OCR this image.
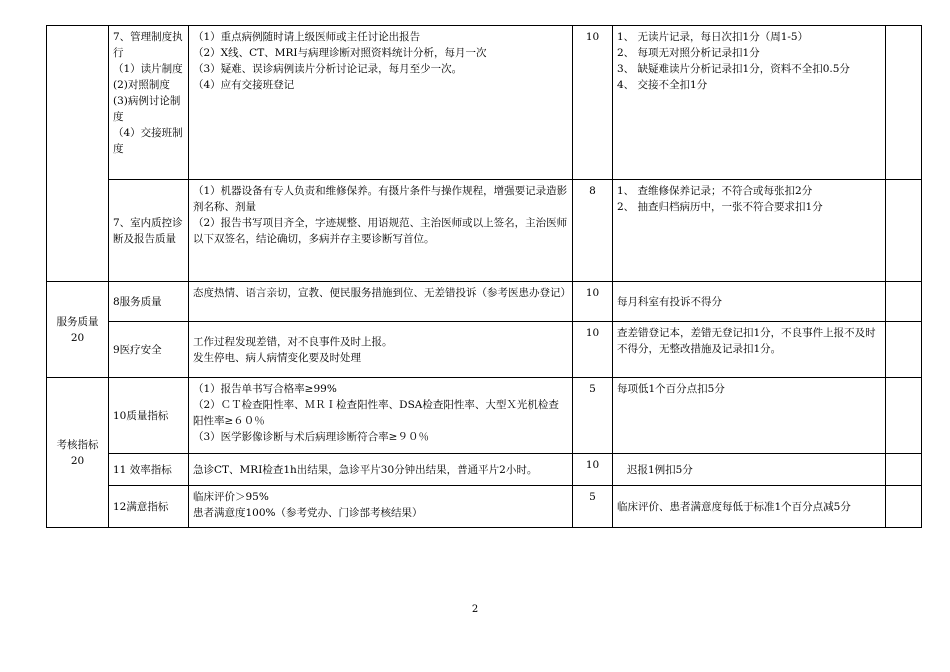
	7、管理制度执行
（1）读片制度
(2)对照制度
(3)病例讨论制度
（4）交接班制度	（1）重点病例随时请上级医师或主任讨论出报告
（2）X线、CT、MRI与病理诊断对照资料统计分析，每月一次
（3）疑难、误诊病例读片分析讨论记录，每月至少一次。
（4）应有交接班登记	10	1、 无读片记录，每日次扣1分（周1-5）
2、 每项无对照分析记录扣1分
3、 缺疑难读片分析记录扣1分，资料不全扣0.5分
4、 交接不全扣1分	

	7、室内质控诊断及报告质量	（1）机器设备有专人负责和维修保养。有摄片条件与操作规程，增强要记录造影剂名称、剂量
（2）报告书写项目齐全，字迹规整、用语规范、主治医师或以上签名，主治医师以下双签名，结论确切，多病并存主要诊断写首位。	8	1、 查维修保养记录；不符合或每张扣2分
2、 抽查归档病历中，一张不符合要求扣1分	

服务质量
20	8服务质量	态度热情、语言亲切，宣教、便民服务措施到位、无差错投诉（参考医患办登记）	10	每月科室有投诉不得分	
	9医疗安全	工作过程发现差错，对不良事件及时上报。
发生停电、病人病情变化要及时处理	10	查差错登记本，差错无登记扣1分，不良事件上报不及时不得分，无整改措施及记录扣1分。	

考核指标
20	10质量指标	（1）报告单书写合格率≥99%
（2）ＣＴ检查阳性率、ＭＲＩ检查阳性率、DSA检查阳性率、大型Ｘ光机检查阳性率≥６０％
（3）医学影像诊断与术后病理诊断符合率≥９０％	5	每项低1个百分点扣5分	
	11 效率指标	急诊CT、MRI检查1h出结果，急诊平片30分钟出结果，普通平片2小时。	10	迟报1例扣5分	
	12满意指标	临床评价＞95%
患者满意度100%（参考党办、门诊部考核结果）	5	临床评价、患者满意度每低于标准1个百分点减5分	

2
